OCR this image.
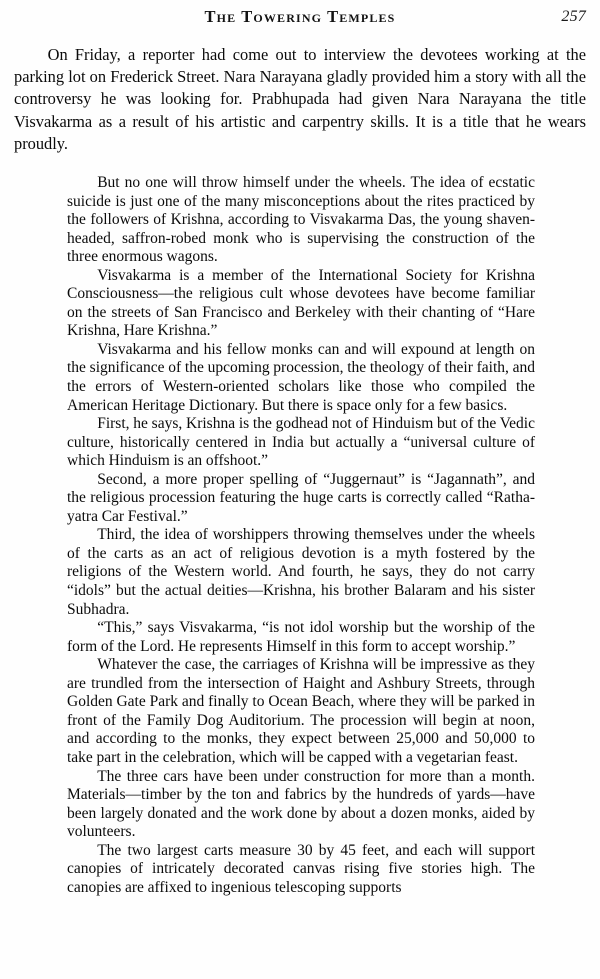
The Towering Temples	257

On Friday, a reporter had come out to interview the devotees working at the parking lot on Frederick Street. Nara Narayana gladly provided him a story with all the controversy he was looking for. Prabhupada had given Nara Narayana the title Visvakarma as a result of his artistic and carpentry skills. It is a title that he wears proudly.

But no one will throw himself under the wheels. The idea of ecstatic suicide is just one of the many misconceptions about the rites practiced by the followers of Krishna, according to Visvakarma Das, the young shaven-headed, saffron-robed monk who is supervising the construction of the three enormous wagons.

Visvakarma is a member of the International Society for Krishna Consciousness—the religious cult whose devotees have become familiar on the streets of San Francisco and Berkeley with their chanting of “Hare Krishna, Hare Krishna.”

Visvakarma and his fellow monks can and will expound at length on the significance of the upcoming procession, the theology of their faith, and the errors of Western-oriented scholars like those who compiled the American Heritage Dictionary. But there is space only for a few basics.

First, he says, Krishna is the godhead not of Hinduism but of the Vedic culture, historically centered in India but actually a “universal culture of which Hinduism is an offshoot.”

Second, a more proper spelling of “Juggernaut” is “Jagannath”, and the religious procession featuring the huge carts is correctly called “Ratha-yatra Car Festival.”

Third, the idea of worshippers throwing themselves under the wheels of the carts as an act of religious devotion is a myth fostered by the religions of the Western world. And fourth, he says, they do not carry “idols” but the actual deities—Krishna, his brother Balaram and his sister Subhadra.

“This,” says Visvakarma, “is not idol worship but the worship of the form of the Lord. He represents Himself in this form to accept worship.”

Whatever the case, the carriages of Krishna will be impressive as they are trundled from the intersection of Haight and Ashbury Streets, through Golden Gate Park and finally to Ocean Beach, where they will be parked in front of the Family Dog Auditorium. The procession will begin at noon, and according to the monks, they expect between 25,000 and 50,000 to take part in the celebration, which will be capped with a vegetarian feast.

The three cars have been under construction for more than a month. Materials—timber by the ton and fabrics by the hundreds of yards—have been largely donated and the work done by about a dozen monks, aided by volunteers.

The two largest carts measure 30 by 45 feet, and each will support canopies of intricately decorated canvas rising five stories high. The canopies are affixed to ingenious telescoping supports
